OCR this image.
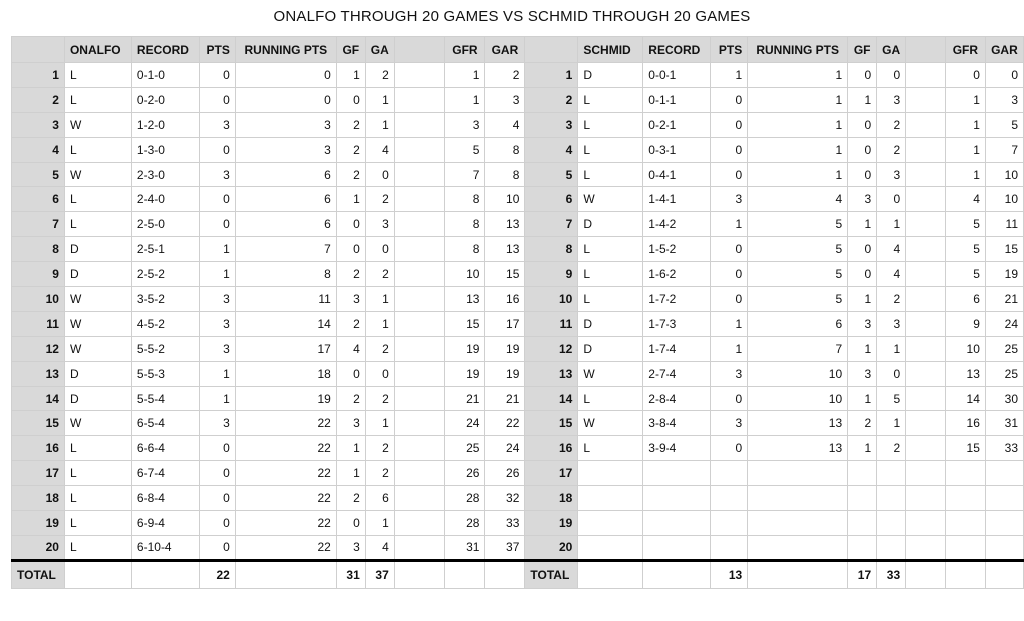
ONALFO THROUGH 20 GAMES VS SCHMID THROUGH 20 GAMES
	ONALFO	RECORD	PTS	RUNNING PTS	GF	GA		GFR	GAR		SCHMID	RECORD	PTS	RUNNING PTS	GF	GA		GFR	GAR
1	L	0-1-0	0	0	1	2		1	2	1	D	0-0-1	1	1	0	0		0	0
2	L	0-2-0	0	0	0	1		1	3	2	L	0-1-1	0	1	1	3		1	3
3	W	1-2-0	3	3	2	1		3	4	3	L	0-2-1	0	1	0	2		1	5
4	L	1-3-0	0	3	2	4		5	8	4	L	0-3-1	0	1	0	2		1	7
5	W	2-3-0	3	6	2	0		7	8	5	L	0-4-1	0	1	0	3		1	10
6	L	2-4-0	0	6	1	2		8	10	6	W	1-4-1	3	4	3	0		4	10
7	L	2-5-0	0	6	0	3		8	13	7	D	1-4-2	1	5	1	1		5	11
8	D	2-5-1	1	7	0	0		8	13	8	L	1-5-2	0	5	0	4		5	15
9	D	2-5-2	1	8	2	2		10	15	9	L	1-6-2	0	5	0	4		5	19
10	W	3-5-2	3	11	3	1		13	16	10	L	1-7-2	0	5	1	2		6	21
11	W	4-5-2	3	14	2	1		15	17	11	D	1-7-3	1	6	3	3		9	24
12	W	5-5-2	3	17	4	2		19	19	12	D	1-7-4	1	7	1	1		10	25
13	D	5-5-3	1	18	0	0		19	19	13	W	2-7-4	3	10	3	0		13	25
14	D	5-5-4	1	19	2	2		21	21	14	L	2-8-4	0	10	1	5		14	30
15	W	6-5-4	3	22	3	1		24	22	15	W	3-8-4	3	13	2	1		16	31
16	L	6-6-4	0	22	1	2		25	24	16	L	3-9-4	0	13	1	2		15	33
17	L	6-7-4	0	22	1	2		26	26	17									
18	L	6-8-4	0	22	2	6		28	32	18									
19	L	6-9-4	0	22	0	1		28	33	19									
20	L	6-10-4	0	22	3	4		31	37	20									
TOTAL			22		31	37				TOTAL			13		17	33			
